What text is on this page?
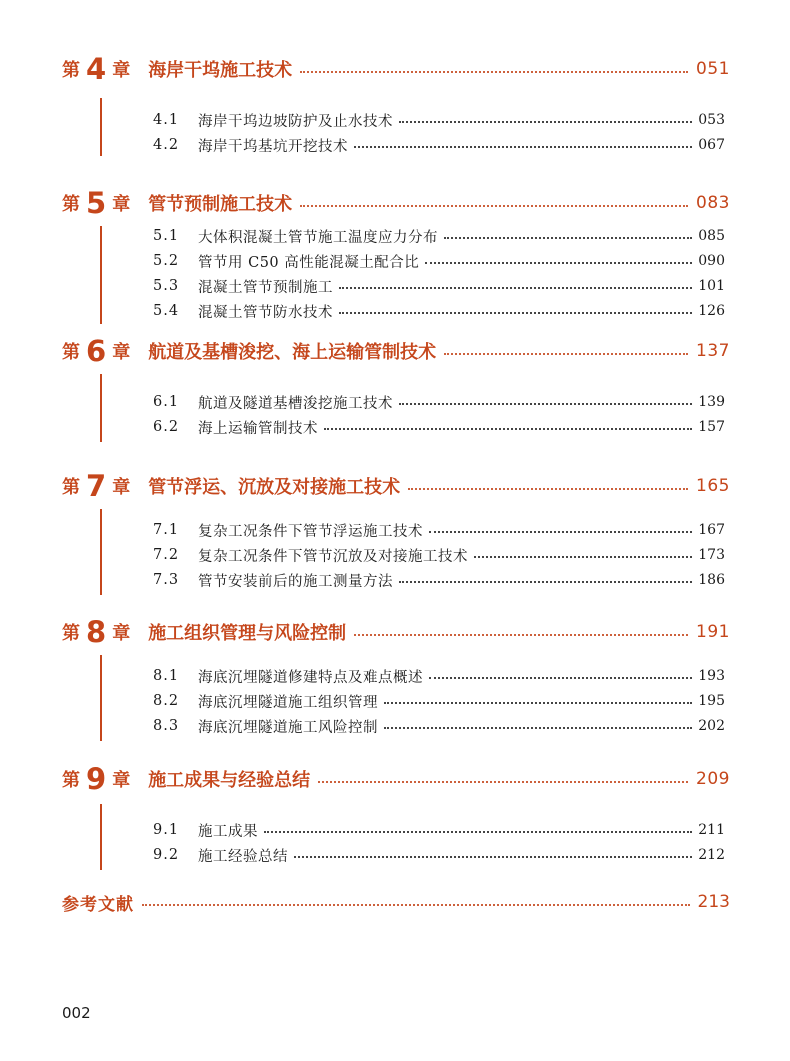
第 4 章 海岸干坞施工技术	051
4.1	海岸干坞边坡防护及止水技术	053
4.2	海岸干坞基坑开挖技术	067
第 5 章 管节预制施工技术	083
5.1	大体积混凝土管节施工温度应力分布	085
5.2	管节用 C50 高性能混凝土配合比	090
5.3	混凝土管节预制施工	101
5.4	混凝土管节防水技术	126
第 6 章 航道及基槽浚挖、海上运输管制技术	137
6.1	航道及隧道基槽浚挖施工技术	139
6.2	海上运输管制技术	157
第 7 章 管节浮运、沉放及对接施工技术	165
7.1	复杂工况条件下管节浮运施工技术	167
7.2	复杂工况条件下管节沉放及对接施工技术	173
7.3	管节安装前后的施工测量方法	186
第 8 章 施工组织管理与风险控制	191
8.1	海底沉埋隧道修建特点及难点概述	193
8.2	海底沉埋隧道施工组织管理	195
8.3	海底沉埋隧道施工风险控制	202
第 9 章 施工成果与经验总结	209
9.1	施工成果	211
9.2	施工经验总结	212
参考文献	213
002
